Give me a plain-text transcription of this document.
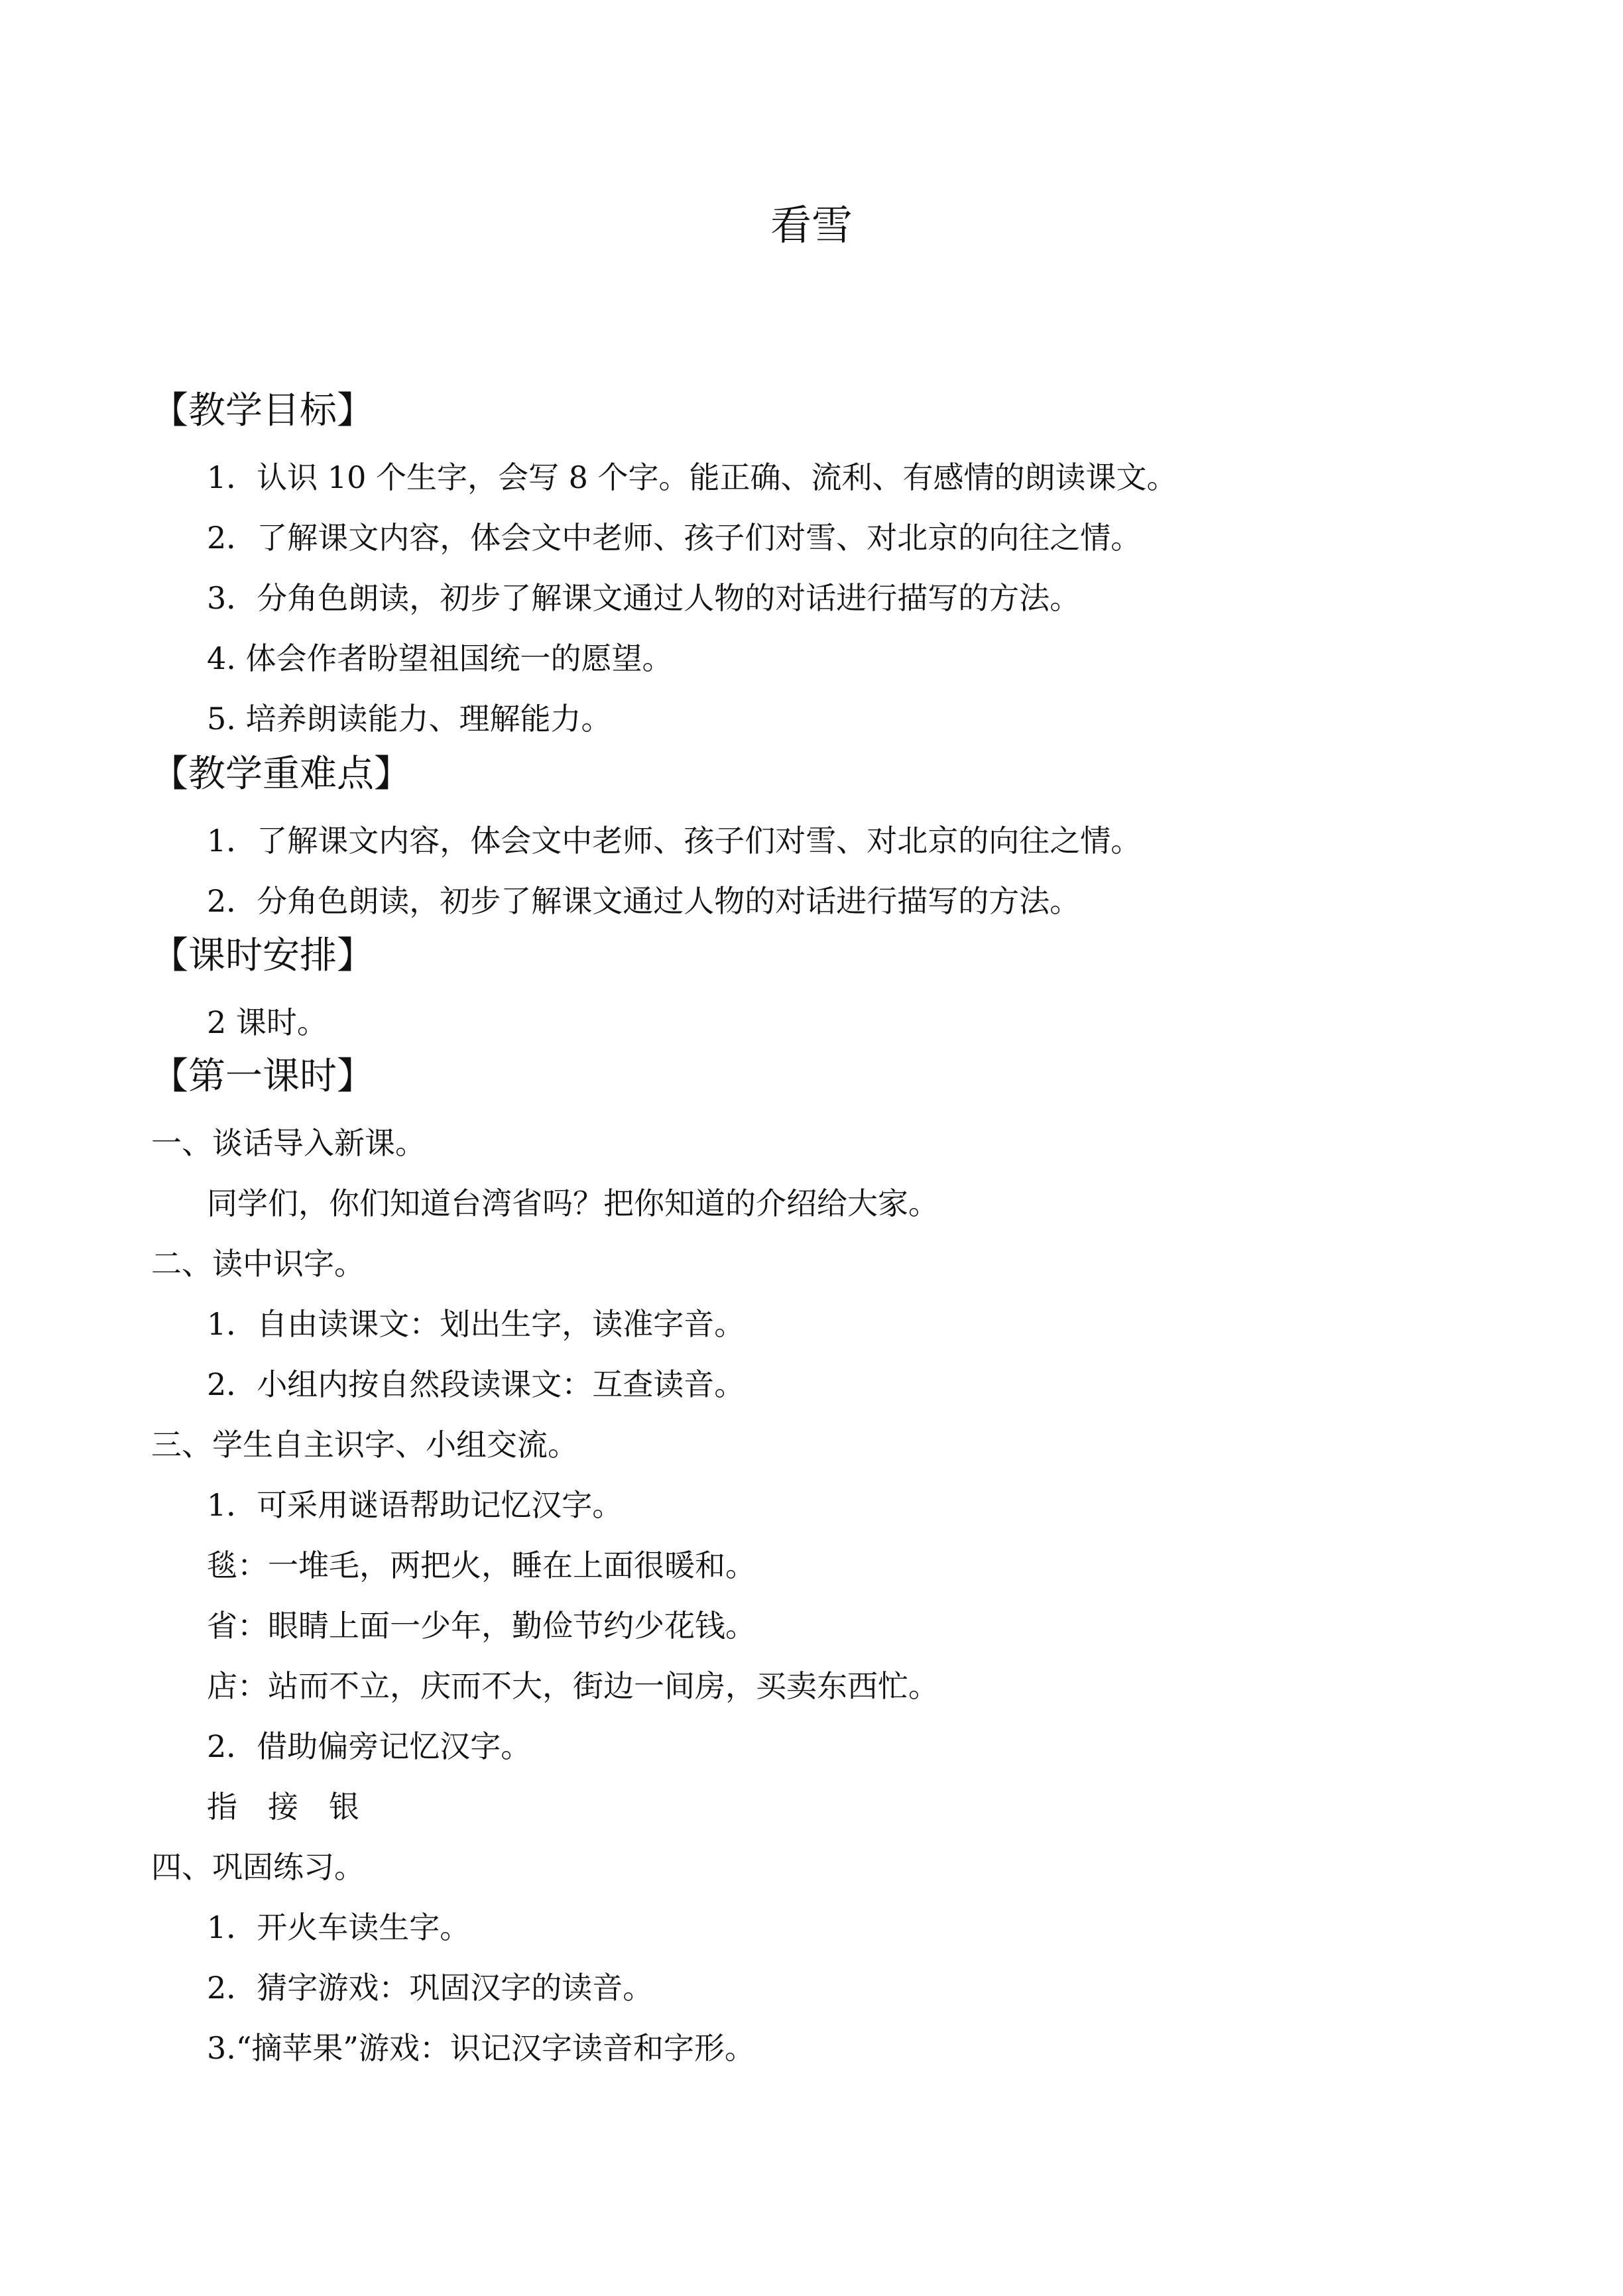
看雪
【教学目标】
1．认识 10 个生字，会写 8 个字。能正确、流利、有感情的朗读课文。
2．了解课文内容，体会文中老师、孩子们对雪、对北京的向往之情。
3．分角色朗读，初步了解课文通过人物的对话进行描写的方法。
4. 体会作者盼望祖国统一的愿望。
5. 培养朗读能力、理解能力。
【教学重难点】
1．了解课文内容，体会文中老师、孩子们对雪、对北京的向往之情。
2．分角色朗读，初步了解课文通过人物的对话进行描写的方法。
【课时安排】
2 课时。
【第一课时】
一、谈话导入新课。
同学们，你们知道台湾省吗？把你知道的介绍给大家。
二、读中识字。
1．自由读课文：划出生字，读准字音。
2．小组内按自然段读课文：互查读音。
三、学生自主识字、小组交流。
1．可采用谜语帮助记忆汉字。
毯：一堆毛，两把火，睡在上面很暖和。
省：眼睛上面一少年，勤俭节约少花钱。
店：站而不立，庆而不大，街边一间房，买卖东西忙。
2．借助偏旁记忆汉字。
指　接　银
四、巩固练习。
1．开火车读生字。
2．猜字游戏：巩固汉字的读音。
3.“摘苹果”游戏：识记汉字读音和字形。
